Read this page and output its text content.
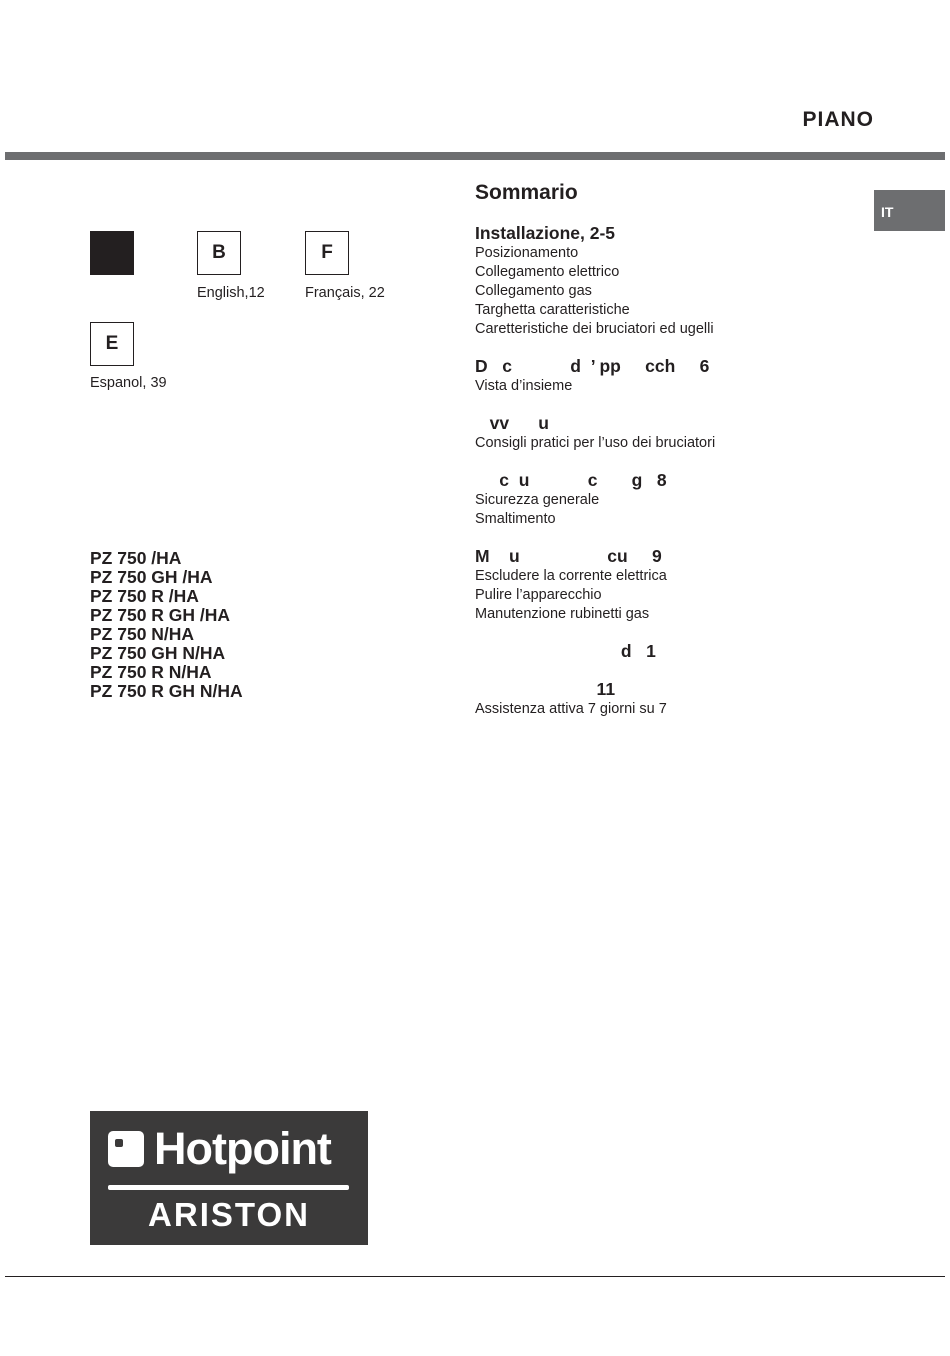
PIANO
IT
B
English,12
F
Français, 22
E
Espanol, 39
Sommario
Installazione, 2-5
Posizionamento
Collegamento elettrico
Collegamento gas
Targhetta caratteristiche
Caretteristiche dei bruciatori ed ugelli
D   c            d  ’ pp     cch     6
Vista d’insieme
vv      u
Consigli pratici per l’uso dei bruciatori
c  u            c       g   8
Sicurezza generale
Smaltimento
M    u                  cu     9
Escludere la corrente elettrica
Pulire l’apparecchio
Manutenzione rubinetti gas
d   1
11
Assistenza attiva 7 giorni su 7
PZ 750 /HA
PZ 750 GH /HA
PZ 750 R /HA
PZ 750 R GH /HA
PZ 750 N/HA
PZ 750 GH N/HA
PZ 750 R N/HA
PZ 750 R GH N/HA
Hotpoint
ARISTON
